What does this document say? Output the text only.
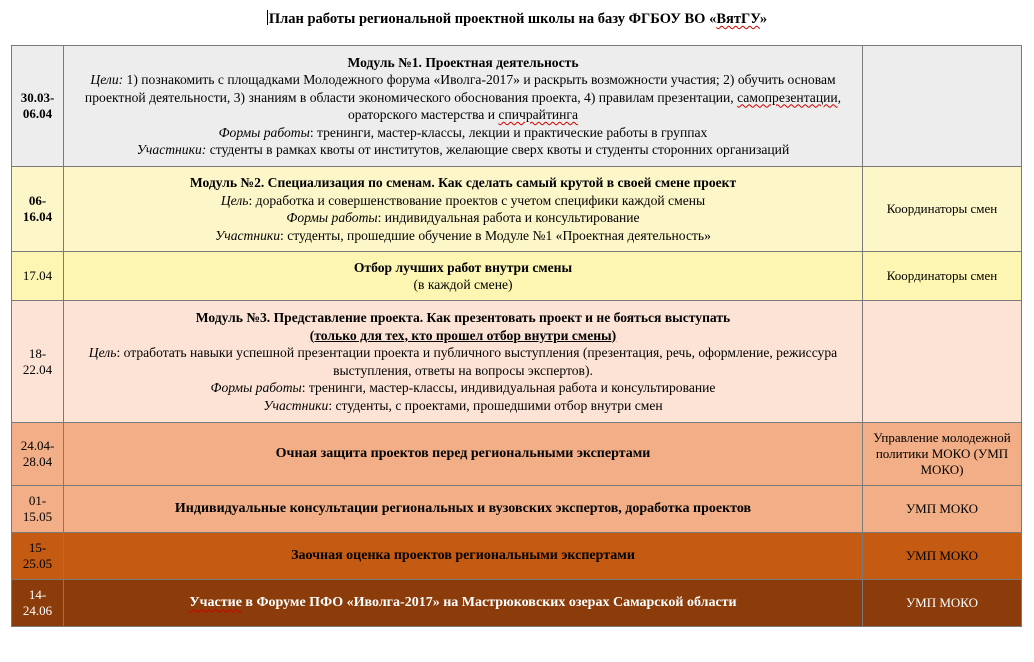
План работы региональной проектной школы на базу ФГБОУ ВО «ВятГУ»
30.03-06.04	Модуль №1. Проектная деятельность
Цели: 1) познакомить с площадками Молодежного форума «Иволга-2017» и раскрыть возможности участия; 2) обучить основам проектной деятельности, 3) знаниям в области экономического обоснования проекта, 4) правилам презентации, самопрезентации, ораторского мастерства и спичрайтинга
Формы работы: тренинги, мастер-классы, лекции и практические работы в группах
Участники: студенты в рамках квоты от институтов, желающие сверх квоты и студенты сторонних организаций	

06-16.04	Модуль №2. Специализация по сменам. Как сделать самый крутой в своей смене проект
Цель: доработка и совершенствование проектов с учетом специфики каждой смены
Формы работы: индивидуальная работа и консультирование
Участники: студенты, прошедшие обучение в Модуле №1 «Проектная деятельность»	Координаторы смен
17.04	Отбор лучших работ внутри смены
(в каждой смене)	Координаторы смен
18-22.04	Модуль №3. Представление проекта. Как презентовать проект и не бояться выступать
(только для тех, кто прошел отбор внутри смены)
Цель: отработать навыки успешной презентации проекта и публичного выступления (презентация, речь, оформление, режиссура выступления, ответы на вопросы экспертов).
Формы работы: тренинги, мастер-классы, индивидуальная работа и консультирование
Участники: студенты, с проектами, прошедшими отбор внутри смен	

24.04-28.04	Очная защита проектов перед региональными экспертами	Управление молодежной политики МОКО (УМП МОКО)
01-15.05	Индивидуальные консультации региональных и вузовских экспертов, доработка проектов	УМП МОКО
15-25.05	Заочная оценка проектов региональными экспертами	УМП МОКО
14-24.06	Участие в Форуме ПФО «Иволга-2017» на Мастрюковских озерах Самарской области	УМП МОКО
